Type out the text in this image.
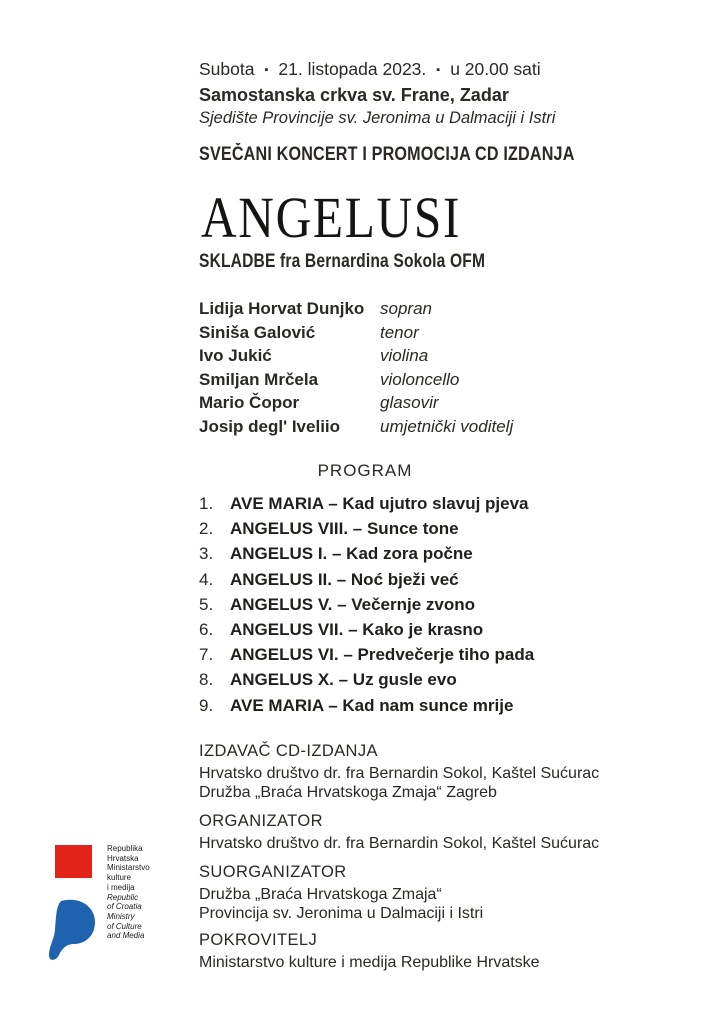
Subota ▪ 21. listopada 2023. ▪ u 20.00 sati
Samostanska crkva sv. Frane, Zadar
Sjedište Provincije sv. Jeronima u Dalmaciji i Istri
SVEČANI KONCERT I PROMOCIJA CD IZDANJA
ANGELUSI
SKLADBE fra Bernardina Sokola OFM
Lidija Horvat Dunjko sopran
Siniša Galović	tenor
Ivo Jukić	violina
Smiljan Mrčela	violoncello
Mario Čopor	glasovir
Josip degl' Iveliio	umjetnički voditelj
PROGRAM
1. AVE MARIA – Kad ujutro slavuj pjeva
2. ANGELUS VIII. – Sunce tone
3. ANGELUS I. – Kad zora počne
4. ANGELUS II. – Noć bježi već
5. ANGELUS V. – Večernje zvono
6. ANGELUS VII. – Kako je krasno
7. ANGELUS VI. – Predvečerje tiho pada
8. ANGELUS X. – Uz gusle evo
9. AVE MARIA – Kad nam sunce mrije
IZDAVAČ CD-IZDANJA
Hrvatsko društvo dr. fra Bernardin Sokol, Kaštel Sućurac
Družba „Braća Hrvatskoga Zmaja“ Zagreb
ORGANIZATOR
Hrvatsko društvo dr. fra Bernardin Sokol, Kaštel Sućurac
SUORGANIZATOR
Družba „Braća Hrvatskoga Zmaja“
Provincija sv. Jeronima u Dalmaciji i Istri
POKROVITELJ
Ministarstvo kulture i medija Republike Hrvatske
Republika
Hrvatska
Ministarstvo
kulture
i medija
Republic
of Croatia
Ministry
of Culture
and Media
